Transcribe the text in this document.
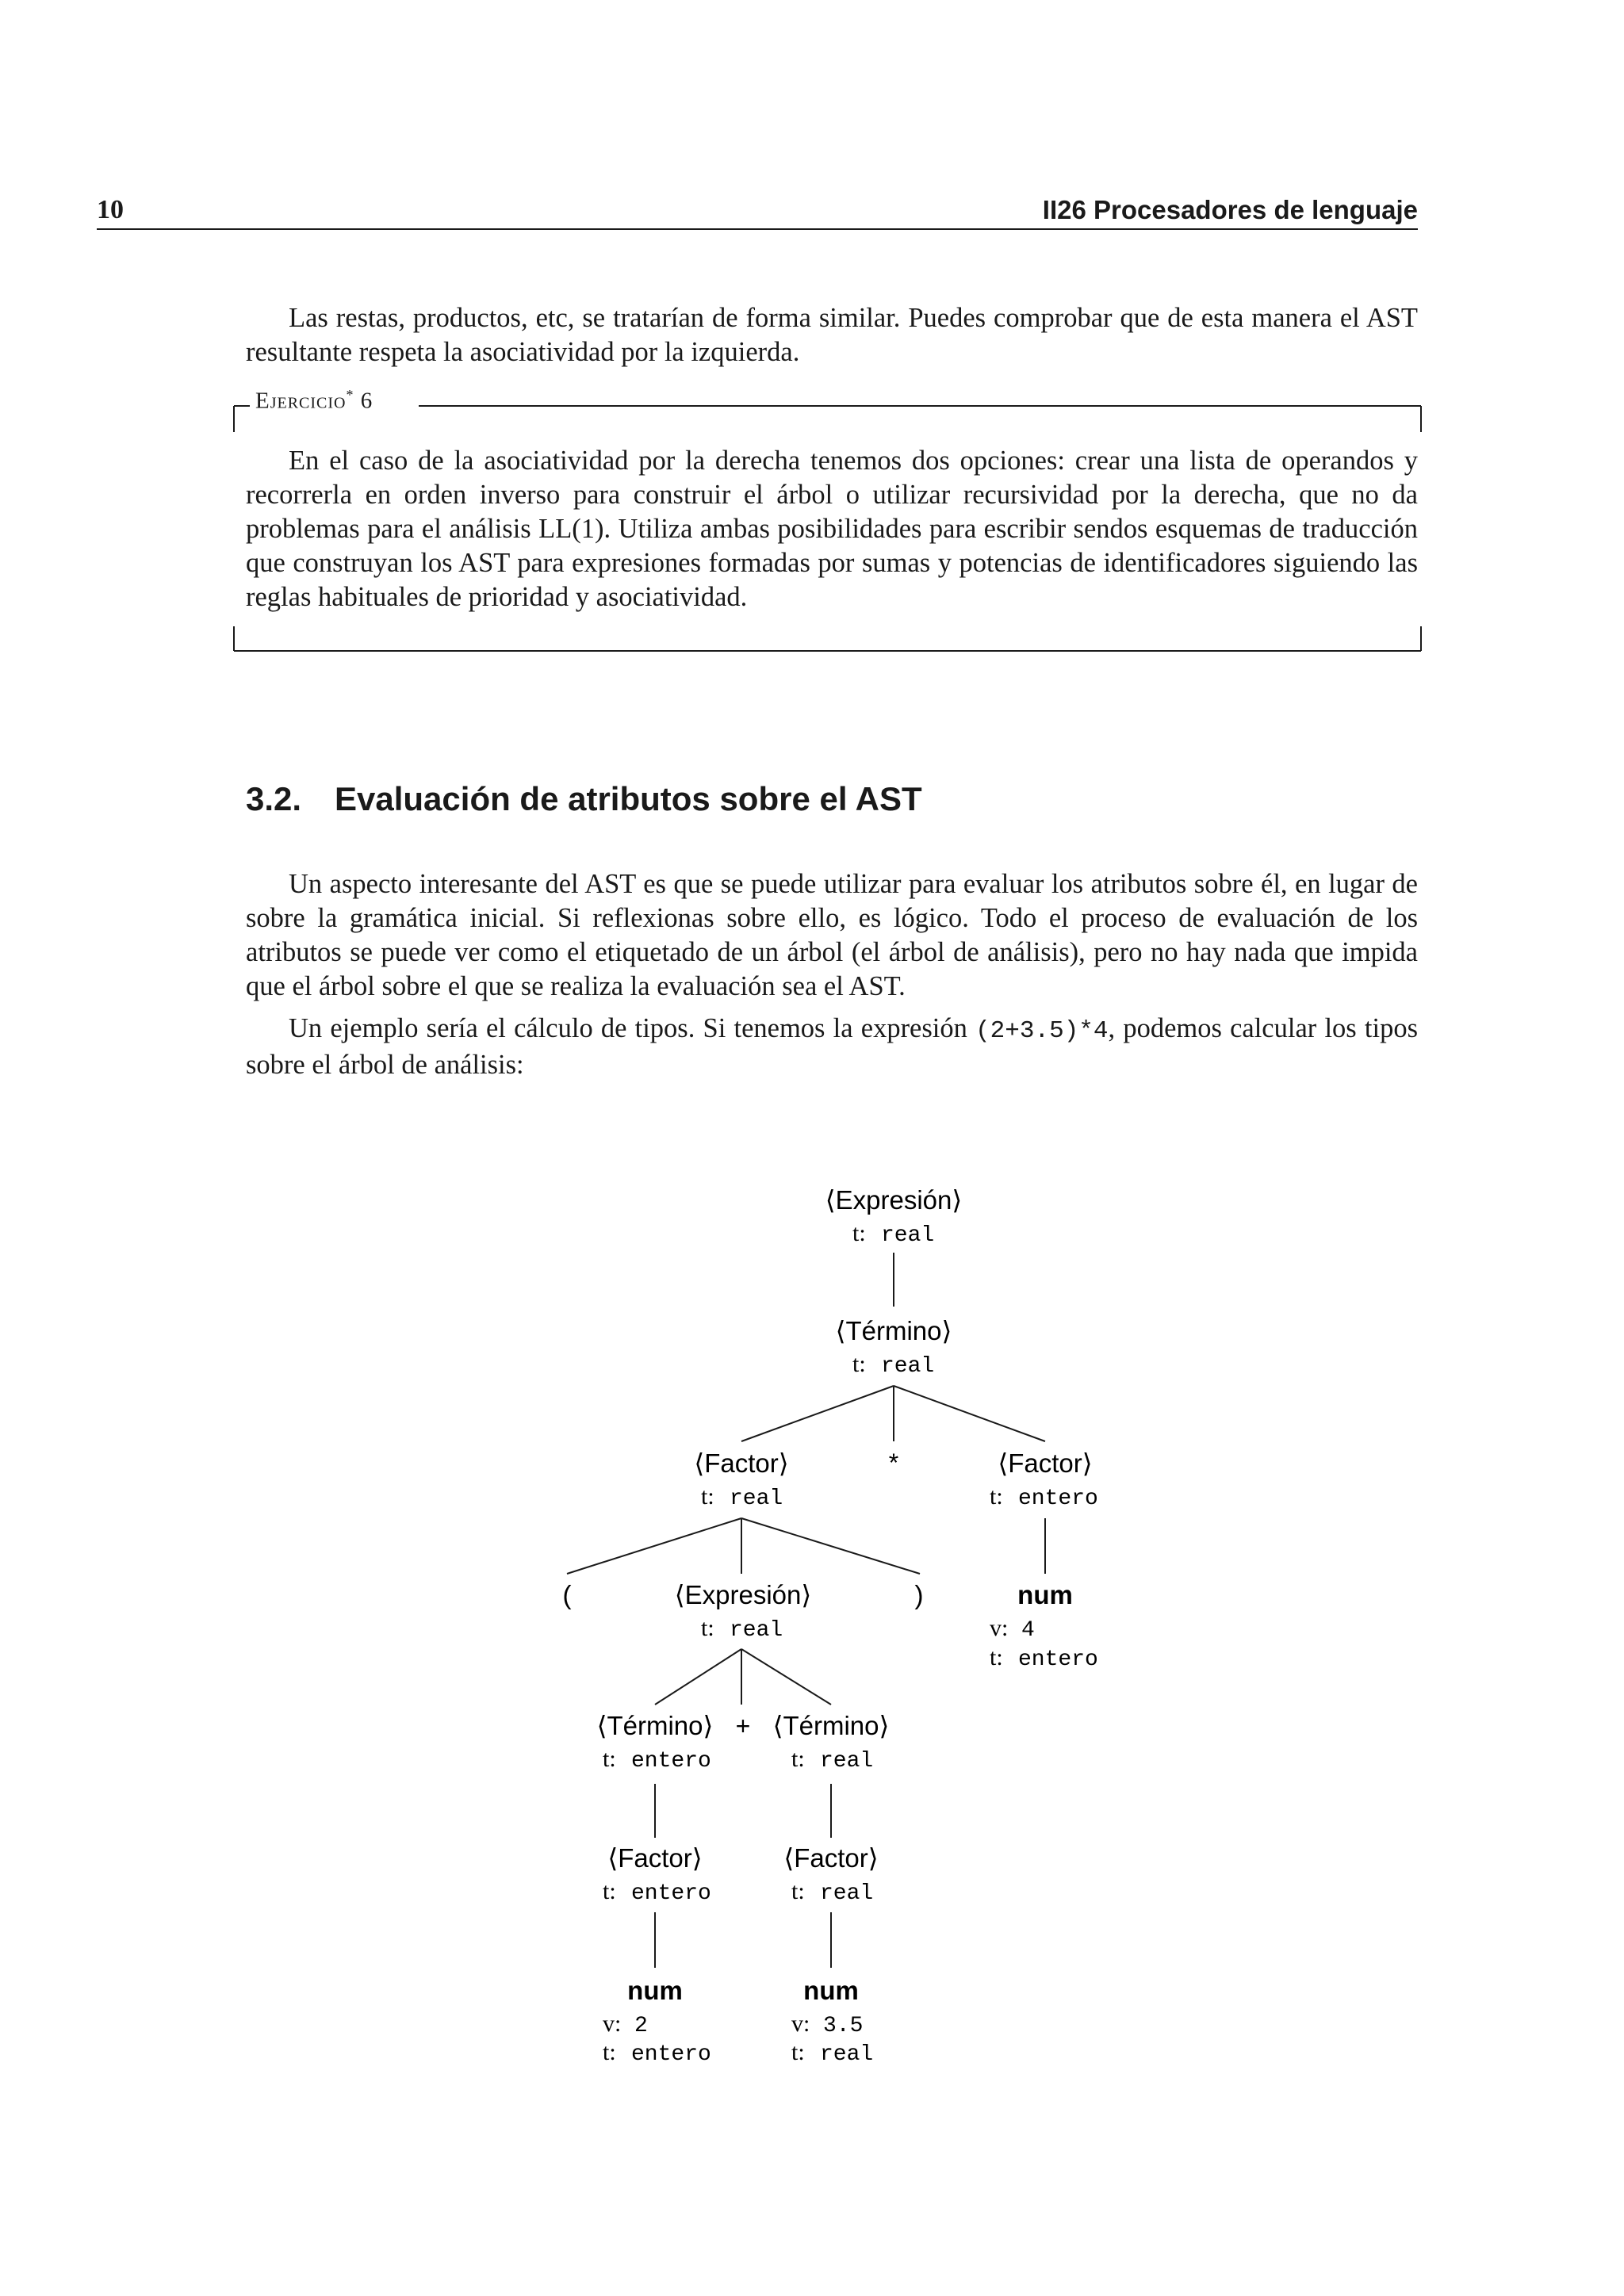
10	II26 Procesadores de lenguaje

Las restas, productos, etc, se tratarían de forma similar. Puedes comprobar que de esta manera el AST resultante respeta la asociatividad por la izquierda.

Ejercicio* 6

En el caso de la asociatividad por la derecha tenemos dos opciones: crear una lista de operandos y recorrerla en orden inverso para construir el árbol o utilizar recursividad por la derecha, que no da problemas para el análisis LL(1). Utiliza ambas posibilidades para escribir sendos esquemas de traducción que construyan los AST para expresiones formadas por sumas y potencias de identificadores siguiendo las reglas habituales de prioridad y asociatividad.

3.2. Evaluación de atributos sobre el AST

Un aspecto interesante del AST es que se puede utilizar para evaluar los atributos sobre él, en lugar de sobre la gramática inicial. Si reflexionas sobre ello, es lógico. Todo el proceso de evaluación de los atributos se puede ver como el etiquetado de un árbol (el árbol de análisis), pero no hay nada que impida que el árbol sobre el que se realiza la evaluación sea el AST.

Un ejemplo sería el cálculo de tipos. Si tenemos la expresión (2+3.5)*4, podemos calcular los tipos sobre el árbol de análisis:

⟨Expresión⟩
t: real
⟨Término⟩
t: real
⟨Factor⟩
t: real
*	⟨Factor⟩
t: entero
(	⟨Expresión⟩
t: real
)	num
v: 4
t: entero
⟨Término⟩
t: entero
+ ⟨Término⟩
t: real
⟨Factor⟩
t: entero
⟨Factor⟩
t: real
num
v: 2
t: entero
num
v: 3.5
t: real
